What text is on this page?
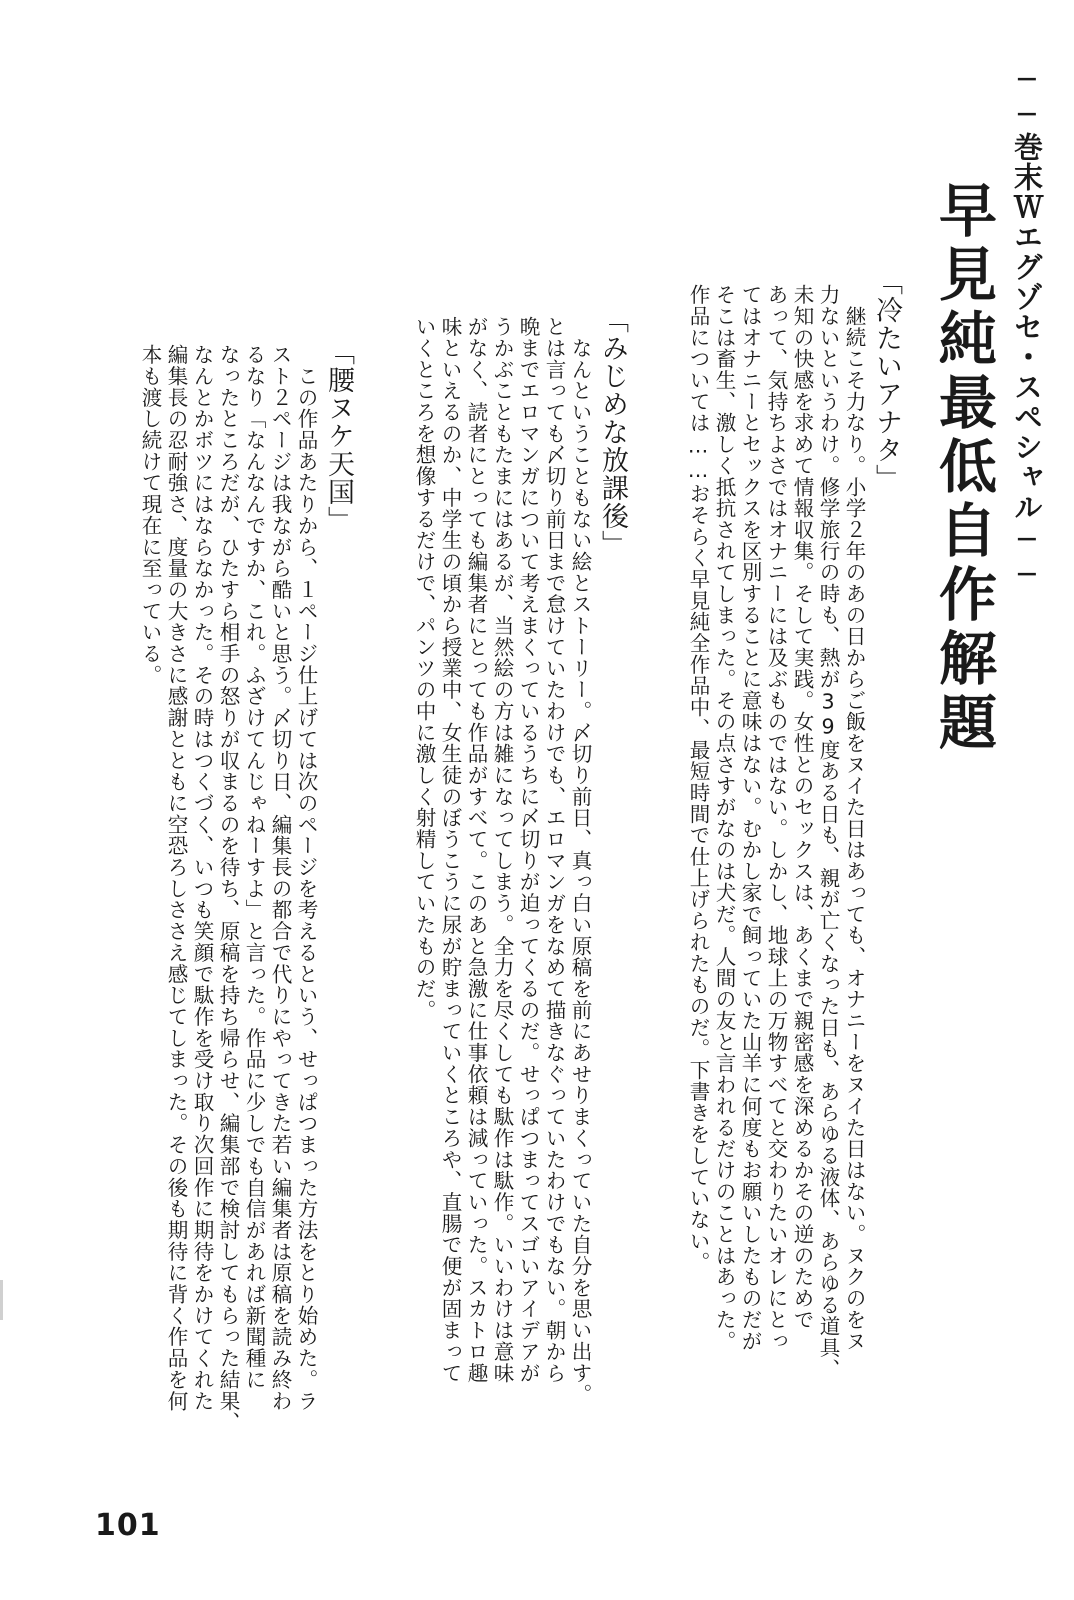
──巻末Ｗエグゾセ・スペシャル──
早見純最低自作解題
「冷たいアナタ」
　継続こそ力なり。小学２年のあの日からご飯をヌイた日はあっても、オナニーをヌイた日はない。ヌクのをヌ
力ないというわけ。修学旅行の時も、熱が39度ある日も、親が亡くなった日も、あらゆる液体、あらゆる道具、
未知の快感を求めて情報収集。そして実践。女性とのセックスは、あくまで親密感を深めるかその逆のためで
あって、気持ちよさではオナニーには及ぶものではない。しかし、地球上の万物すべてと交わりたいオレにとっ
てはオナニーとセックスを区別することに意味はない。むかし家で飼っていた山羊に何度もお願いしたものだが
そこは畜生、激しく抵抗されてしまった。その点さすがなのは犬だ。人間の友と言われるだけのことはあった。
作品については……おそらく早見純全作品中、最短時間で仕上げられたものだ。下書きをしていない。
「みじめな放課後」
　なんということもない絵とストーリー。〆切り前日、真っ白い原稿を前にあせりまくっていた自分を思い出す。
とは言っても〆切り前日まで怠けていたわけでも、エロマンガをなめて描きなぐっていたわけでもない。朝から
晩までエロマンガについて考えまくっているうちに〆切りが迫ってくるのだ。せっぱつまってスゴいアイデアが
うかぶこともたまにはあるが、当然絵の方は雑になってしまう。全力を尽くしても駄作は駄作。いいわけは意味
がなく、読者にとっても編集者にとっても作品がすべて。このあと急激に仕事依頼は減っていった。スカトロ趣
味といえるのか、中学生の頃から授業中、女生徒のぼうこうに尿が貯まっていくところや、直腸で便が固まって
いくところを想像するだけで、パンツの中に激しく射精していたものだ。
「腰ヌケ天国」
　この作品あたりから、１ページ仕上げては次のページを考えるという、せっぱつまった方法をとり始めた。ラ
スト２ページは我ながら酷いと思う。〆切り日、編集長の都合で代りにやってきた若い編集者は原稿を読み終わ
るなり「なんなんですか、これ。ふざけてんじゃねーすよ」と言った。作品に少しでも自信があれば新聞種に
なったところだが、ひたすら相手の怒りが収まるのを待ち、原稿を持ち帰らせ、編集部で検討してもらった結果、
なんとかボツにはならなかった。その時はつくづく、いつも笑顔で駄作を受け取り次回作に期待をかけてくれた
編集長の忍耐強さ、度量の大きさに感謝とともに空恐ろしささえ感じてしまった。その後も期待に背く作品を何
本も渡し続けて現在に至っている。
101
